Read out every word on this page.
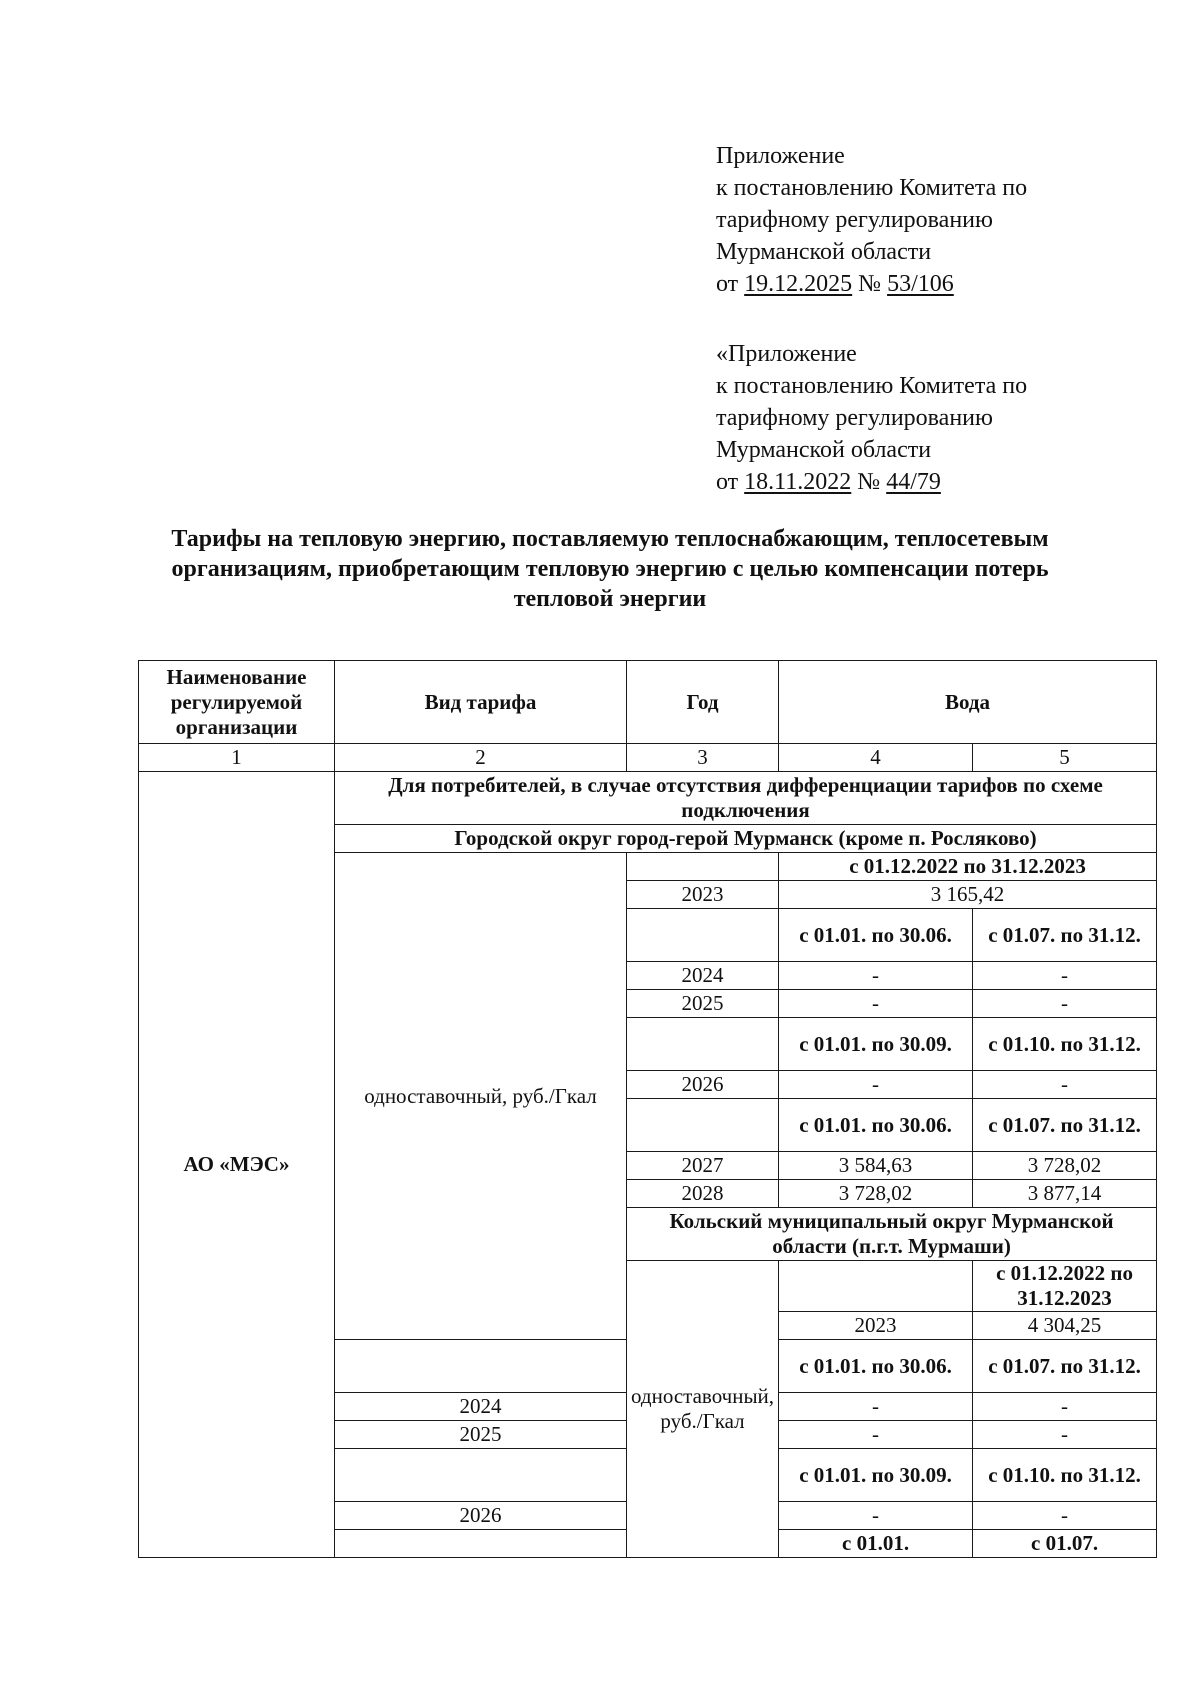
Приложение

к постановлению Комитета по

тарифному регулированию

Мурманской области

от 19.12.2025 № 53/106

«Приложение

к постановлению Комитета по

тарифному регулированию

Мурманской области

от 18.11.2022 № 44/79

Тарифы на тепловую энергию, поставляемую теплоснабжающим, теплосетевым организациям, приобретающим тепловую энергию с целью компенсации потерь тепловой энергии
Наименование регулируемой организации	Вид тарифа	Год	Вода	
1	2	3	4	5
АО «МЭС»	Для потребителей, в случае отсутствия дифференциации тарифов по схеме подключения			
	Городской округ город-герой Мурманск (кроме п. Росляково)			
	одноставочный, руб./Гкал		с 01.12.2022 по 31.12.2023	
		2023	3 165,42	
			с 01.01. по 30.06.	с 01.07. по 31.12.
		2024	-	-
		2025	-	-
			с 01.01. по 30.09.	с 01.10. по 31.12.
		2026	-	-
			с 01.01. по 30.06.	с 01.07. по 31.12.
		2027	3 584,63	3 728,02
		2028	3 728,02	3 877,14
		Кольский муниципальный округ Мурманской области (п.г.т. Мурмаши)		
		одноставочный, руб./Гкал		с 01.12.2022 по 31.12.2023
			2023	4 304,25
			с 01.01. по 30.06.	с 01.07. по 31.12.
	2024		-	-
	2025		-	-
			с 01.01. по 30.09.	с 01.10. по 31.12.
	2026		-	-
			с 01.01.	с 01.07.
